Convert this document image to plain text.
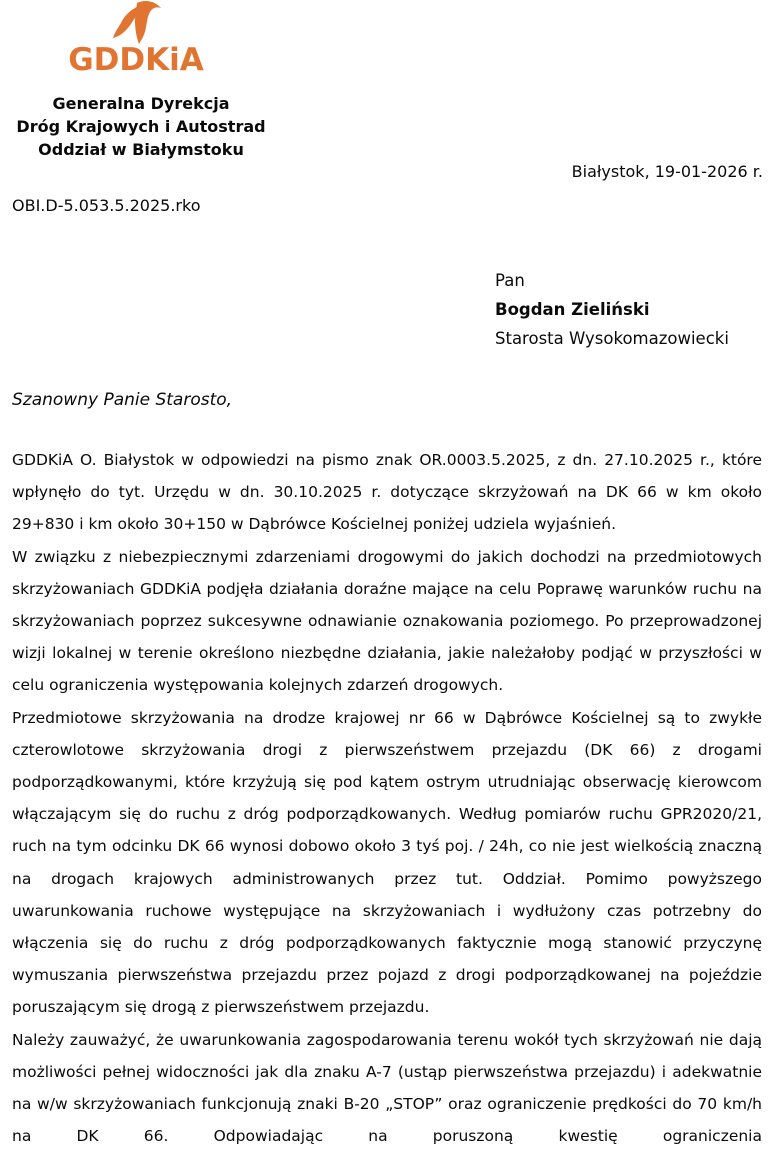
GDDKiA
Generalna Dyrekcja
Dróg Krajowych i Autostrad
Oddział w Białymstoku
Białystok, 19-01-2026 r.
OBI.D-5.053.5.2025.rko
Pan
Bogdan Zieliński
Starosta Wysokomazowiecki
Szanowny Panie Starosto,

GDDKiA O. Białystok w odpowiedzi na pismo znak OR.0003.5.2025, z dn. 27.10.2025 r., które wpłynęło do tyt. Urzędu w dn. 30.10.2025 r. dotyczące skrzyżowań na DK 66 w km około 29+830 i km około 30+150 w Dąbrówce Kościelnej poniżej udziela wyjaśnień.

W związku z niebezpiecznymi zdarzeniami drogowymi do jakich dochodzi na przedmiotowych skrzyżowaniach GDDKiA podjęła działania doraźne mające na celu Poprawę warunków ruchu na skrzyżowaniach poprzez sukcesywne odnawianie oznakowania poziomego. Po przeprowadzonej wizji lokalnej w terenie określono niezbędne działania, jakie należałoby podjąć w przyszłości w celu ograniczenia występowania kolejnych zdarzeń drogowych.

Przedmiotowe skrzyżowania na drodze krajowej nr 66 w Dąbrówce Kościelnej są to zwykłe czterowlotowe skrzyżowania drogi z pierwszeństwem przejazdu (DK 66) z drogami podporządkowanymi, które krzyżują się pod kątem ostrym utrudniając obserwację kierowcom włączającym się do ruchu z dróg podporządkowanych. Według pomiarów ruchu GPR2020/21, ruch na tym odcinku DK 66 wynosi dobowo około 3 tyś poj. / 24h, co nie jest wielkością znaczną na drogach krajowych administrowanych przez tut. Oddział. Pomimo powyższego uwarunkowania ruchowe występujące na skrzyżowaniach i wydłużony czas potrzebny do włączenia się do ruchu z dróg podporządkowanych faktycznie mogą stanowić przyczynę wymuszania pierwszeństwa przejazdu przez pojazd z drogi podporządkowanej na pojeździe poruszającym się drogą z pierwszeństwem przejazdu.

Należy zauważyć, że uwarunkowania zagospodarowania terenu wokół tych skrzyżowań nie dają możliwości pełnej widoczności jak dla znaku A-7 (ustąp pierwszeństwa przejazdu) i adekwatnie na w/w skrzyżowaniach funkcjonują znaki B-20 „STOP” oraz ograniczenie prędkości do 70 km/h na DK 66. Odpowiadając na poruszoną kwestię ograniczenia
